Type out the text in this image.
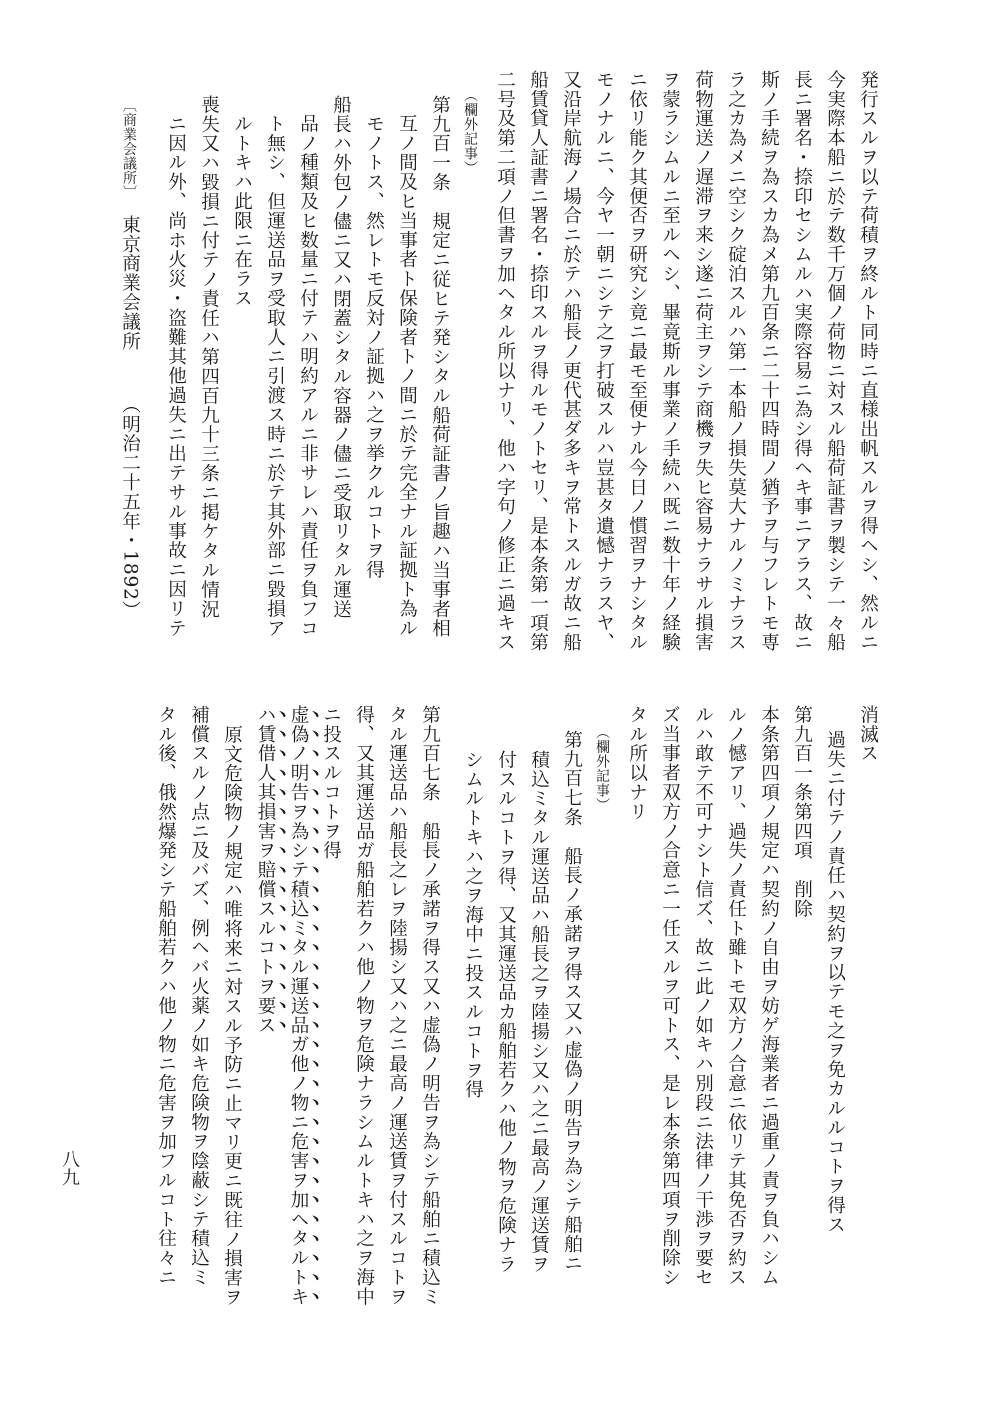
発行スルヲ以テ荷積ヲ終ルト同時ニ直様出帆スルヲ得ヘシ、然ルニ
今実際本船ニ於テ数千万個ノ荷物ニ対スル船荷証書ヲ製シテ一々船
長ニ署名・捺印セシムルハ実際容易ニ為シ得ヘキ事ニアラス、故ニ
斯ノ手続ヲ為スカ為メ第九百条ニ二十四時間ノ猶予ヲ与フレトモ専
ラ之カ為メニ空シク碇泊スルハ第一本船ノ損失莫大ナルノミナラス
荷物運送ノ遅滞ヲ来シ遂ニ荷主ヲシテ商機ヲ失ヒ容易ナラサル損害
ヲ蒙ラシムルニ至ルヘシ、畢竟斯ル事業ノ手続ハ既ニ数十年ノ経験
ニ依リ能ク其便否ヲ研究シ竟ニ最モ至便ナル今日ノ慣習ヲナシタル
モノナルニ、今ヤ一朝ニシテ之ヲ打破スルハ豈甚タ遺憾ナラスヤ、
又沿岸航海ノ場合ニ於テハ船長ノ更代甚ダ多キヲ常トスルガ故ニ船
船賃貸人証書ニ署名・捺印スルヲ得ルモノトセリ、是本条第一項第
二号及第二項ノ但書ヲ加ヘタル所以ナリ、他ハ字句ノ修正ニ過キス
（欄外記事）
第九百一条　規定ニ従ヒテ発シタル船荷証書ノ旨趣ハ当事者相
互ノ間及ヒ当事者ト保険者トノ間ニ於テ完全ナル証拠ト為ル
モノトス、然レトモ反対ノ証拠ハ之ヲ挙クルコトヲ得
船長ハ外包ノ儘ニ又ハ閉蓋シタル容器ノ儘ニ受取リタル運送
品ノ種類及ヒ数量ニ付テハ明約アルニ非サレハ責任ヲ負フコ
ト無シ、但運送品ヲ受取人ニ引渡ス時ニ於テ其外部ニ毀損ア
ルトキハ此限ニ在ラス
喪失又ハ毀損ニ付テノ責任ハ第四百九十三条ニ掲ケタル情況
ニ因ル外、尚ホ火災・盗難其他過失ニ出テサル事故ニ因リテ
〔商業会議所〕
東京商業会議所
（明治二十五年・1892）
消滅ス
過失ニ付テノ責任ハ契約ヲ以テモ之ヲ免カルルコトヲ得ス
第九百一条第四項　削除
本条第四項ノ規定ハ契約ノ自由ヲ妨ゲ海業者ニ過重ノ責ヲ負ハシム
ルノ憾アリ、過失ノ責任ト雖トモ双方ノ合意ニ依リテ其免否ヲ約ス
ルハ敢テ不可ナシト信ズ、故ニ此ノ如キハ別段ニ法律ノ干渉ヲ要セ
ズ当事者双方ノ合意ニ一任スルヲ可トス、是レ本条第四項ヲ削除シ
タル所以ナリ
（欄外記事）
第九百七条　船長ノ承諾ヲ得ス又ハ虚偽ノ明告ヲ為シテ船舶ニ
積込ミタル運送品ハ船長之ヲ陸揚シ又ハ之ニ最高ノ運送賃ヲ
付スルコトヲ得、又其運送品カ船舶若クハ他ノ物ヲ危険ナラ
シムルトキハ之ヲ海中ニ投スルコトヲ得
第九百七条　船長ノ承諾ヲ得ス又ハ虚偽ノ明告ヲ為シテ船舶ニ積込ミ
タル運送品ハ船長之レヲ陸揚シ又ハ之ニ最高ノ運送賃ヲ付スルコトヲ
得、又其運送品ガ船舶若クハ他ノ物ヲ危険ナラシムルトキハ之ヲ海中
ニ投スルコトヲ得
虚偽ノ明告ヲ為シテ積込ミタル運送品ガ他ノ物ニ危害ヲ加ヘタルトキ
ハ賃借人其損害ヲ賠償スルコトヲ要ス
原文危険物ノ規定ハ唯将来ニ対スル予防ニ止マリ更ニ既往ノ損害ヲ
補償スルノ点ニ及バズ、例ヘバ火薬ノ如キ危険物ヲ陰蔽シテ積込ミ
タル後、俄然爆発シテ船舶若クハ他ノ物ニ危害ヲ加フルコト往々ニ
八九
